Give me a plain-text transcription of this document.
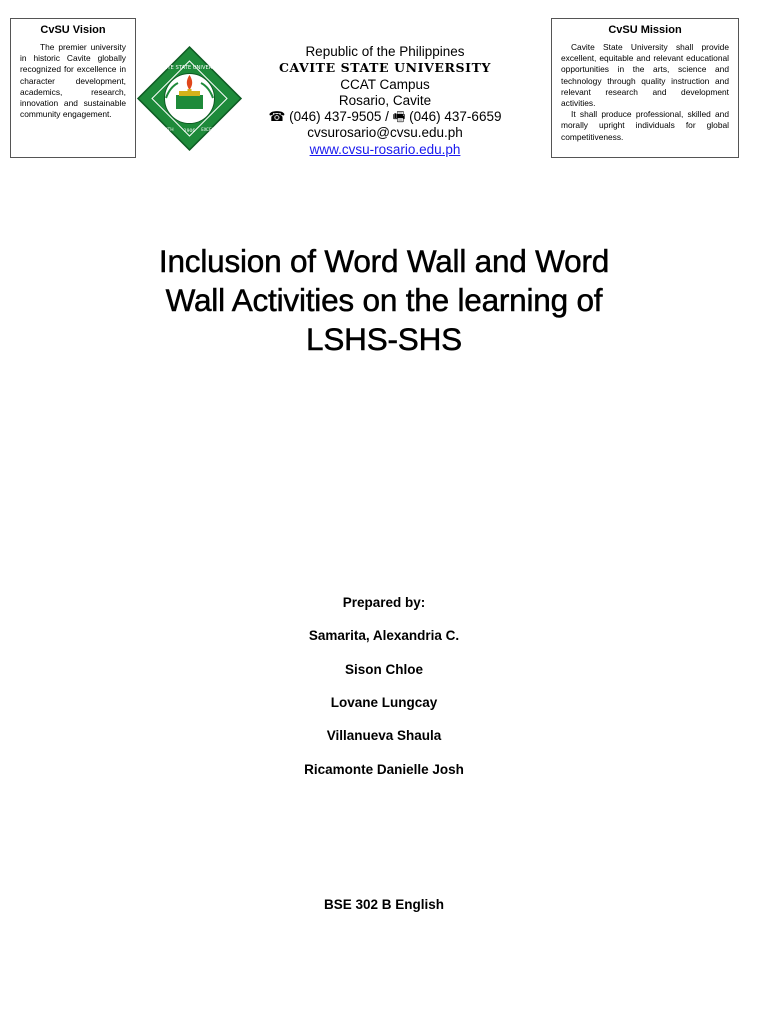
CvSU Vision

The premier university in historic Cavite globally recognized for excellence in character development, academics, research, innovation and sustainable community engagement.

CAVITE STATE UNIVERSITY
TRUTH 1906 EXCELLENCE
Republic of the Philippines
CAVITE STATE UNIVERSITY
CCAT Campus
Rosario, Cavite
☎ (046) 437-9505 / 🖷 (046) 437-6659
cvsurosario@cvsu.edu.ph
www.cvsu-rosario.edu.ph
CvSU Mission

Cavite State University shall provide excellent, equitable and relevant educational opportunities in the arts, science and technology through quality instruction and relevant research and development activities.

It shall produce professional, skilled and morally upright individuals for global competitiveness.

Inclusion of Word Wall and Word
Wall Activities on the learning of
LSHS-SHS
Prepared by:
Samarita, Alexandria C.
Sison Chloe
Lovane Lungcay
Villanueva Shaula
Ricamonte Danielle Josh
BSE 302 B English
